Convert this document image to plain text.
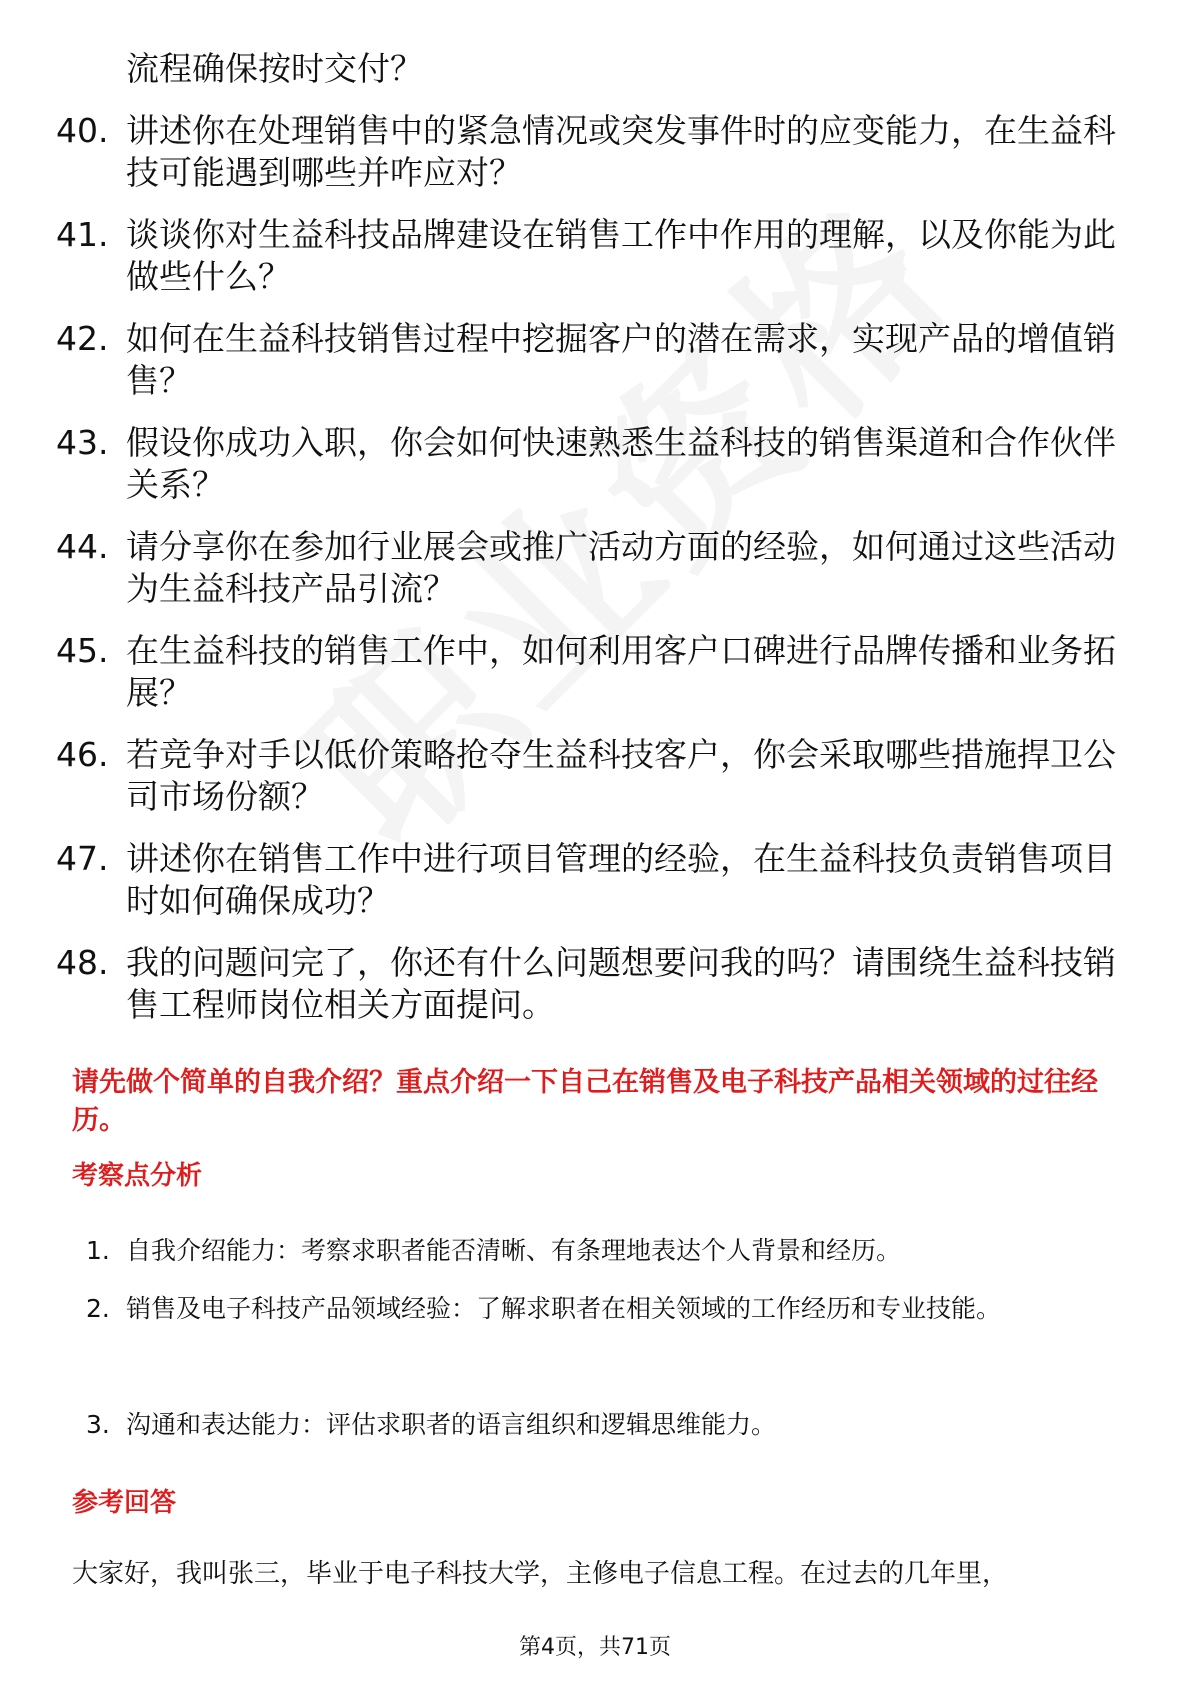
流程确保按时交付？
40. 讲述你在处理销售中的紧急情况或突发事件时的应变能力，在生益科技可能遇到哪些并咋应对？
41. 谈谈你对生益科技品牌建设在销售工作中作用的理解，以及你能为此做些什么？
42. 如何在生益科技销售过程中挖掘客户的潜在需求，实现产品的增值销售？
43. 假设你成功入职，你会如何快速熟悉生益科技的销售渠道和合作伙伴关系？
44. 请分享你在参加行业展会或推广活动方面的经验，如何通过这些活动为生益科技产品引流？
45. 在生益科技的销售工作中，如何利用客户口碑进行品牌传播和业务拓展？
46. 若竞争对手以低价策略抢夺生益科技客户，你会采取哪些措施捍卫公司市场份额？
47. 讲述你在销售工作中进行项目管理的经验，在生益科技负责销售项目时如何确保成功？
48. 我的问题问完了，你还有什么问题想要问我的吗？请围绕生益科技销售工程师岗位相关方面提问。
请先做个简单的自我介绍？重点介绍一下自己在销售及电子科技产品相关领域的过往经历。
考察点分析
1. 自我介绍能力：考察求职者能否清晰、有条理地表达个人背景和经历。
2. 销售及电子科技产品领域经验：了解求职者在相关领域的工作经历和专业技能。
3. 沟通和表达能力：评估求职者的语言组织和逻辑思维能力。
参考回答
大家好，我叫张三，毕业于电子科技大学，主修电子信息工程。在过去的几年里，
第4页，共71页
